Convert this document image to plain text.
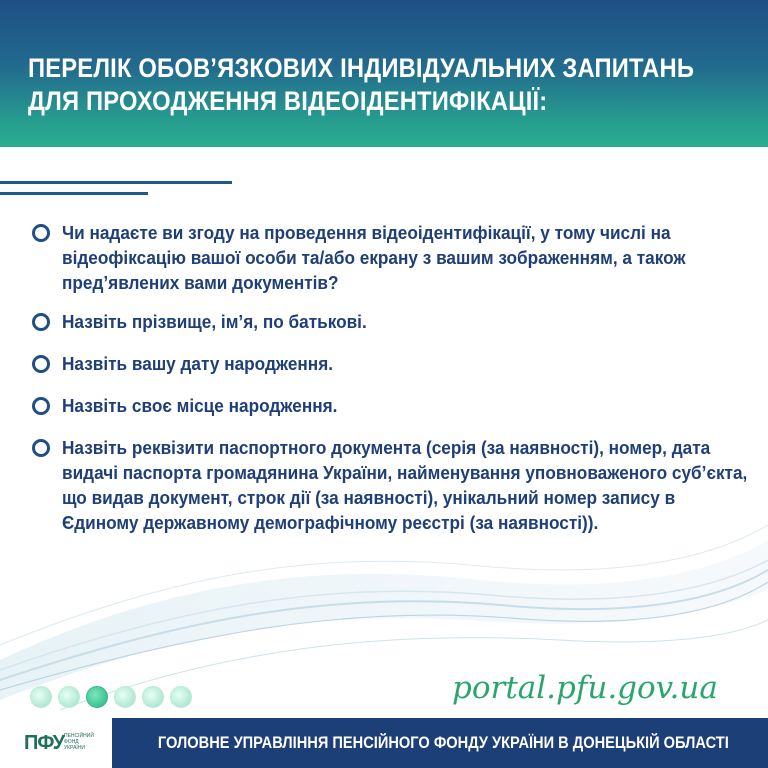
ПЕРЕЛІК ОБОВ’ЯЗКОВИХ ІНДИВІДУАЛЬНИХ ЗАПИТАНЬ
ДЛЯ ПРОХОДЖЕННЯ ВІДЕОІДЕНТИФІКАЦІЇ:
Чи надаєте ви згоду на проведення відеоідентифікації, у тому числі на відеофіксацію вашої особи та/або екрану з вашим зображенням, а також пред’явлених вами документів?
Назвіть прізвище, ім’я, по батькові.
Назвіть вашу дату народження.
Назвіть своє місце народження.
Назвіть реквізити паспортного документа (серія (за наявності), номер, дата видачі паспорта громадянина України, найменування уповноваженого суб’єкта, що видав документ, строк дії (за наявності), унікальний номер запису в Єдиному державному демографічному реєстрі (за наявності)).
portal.pfu.gov.ua
ПФУ ПЕНСІЙНИЙ ФОНД УКРАЇНИ	ГОЛОВНЕ УПРАВЛІННЯ ПЕНСІЙНОГО ФОНДУ УКРАЇНИ В ДОНЕЦЬКІЙ ОБЛАСТІ
